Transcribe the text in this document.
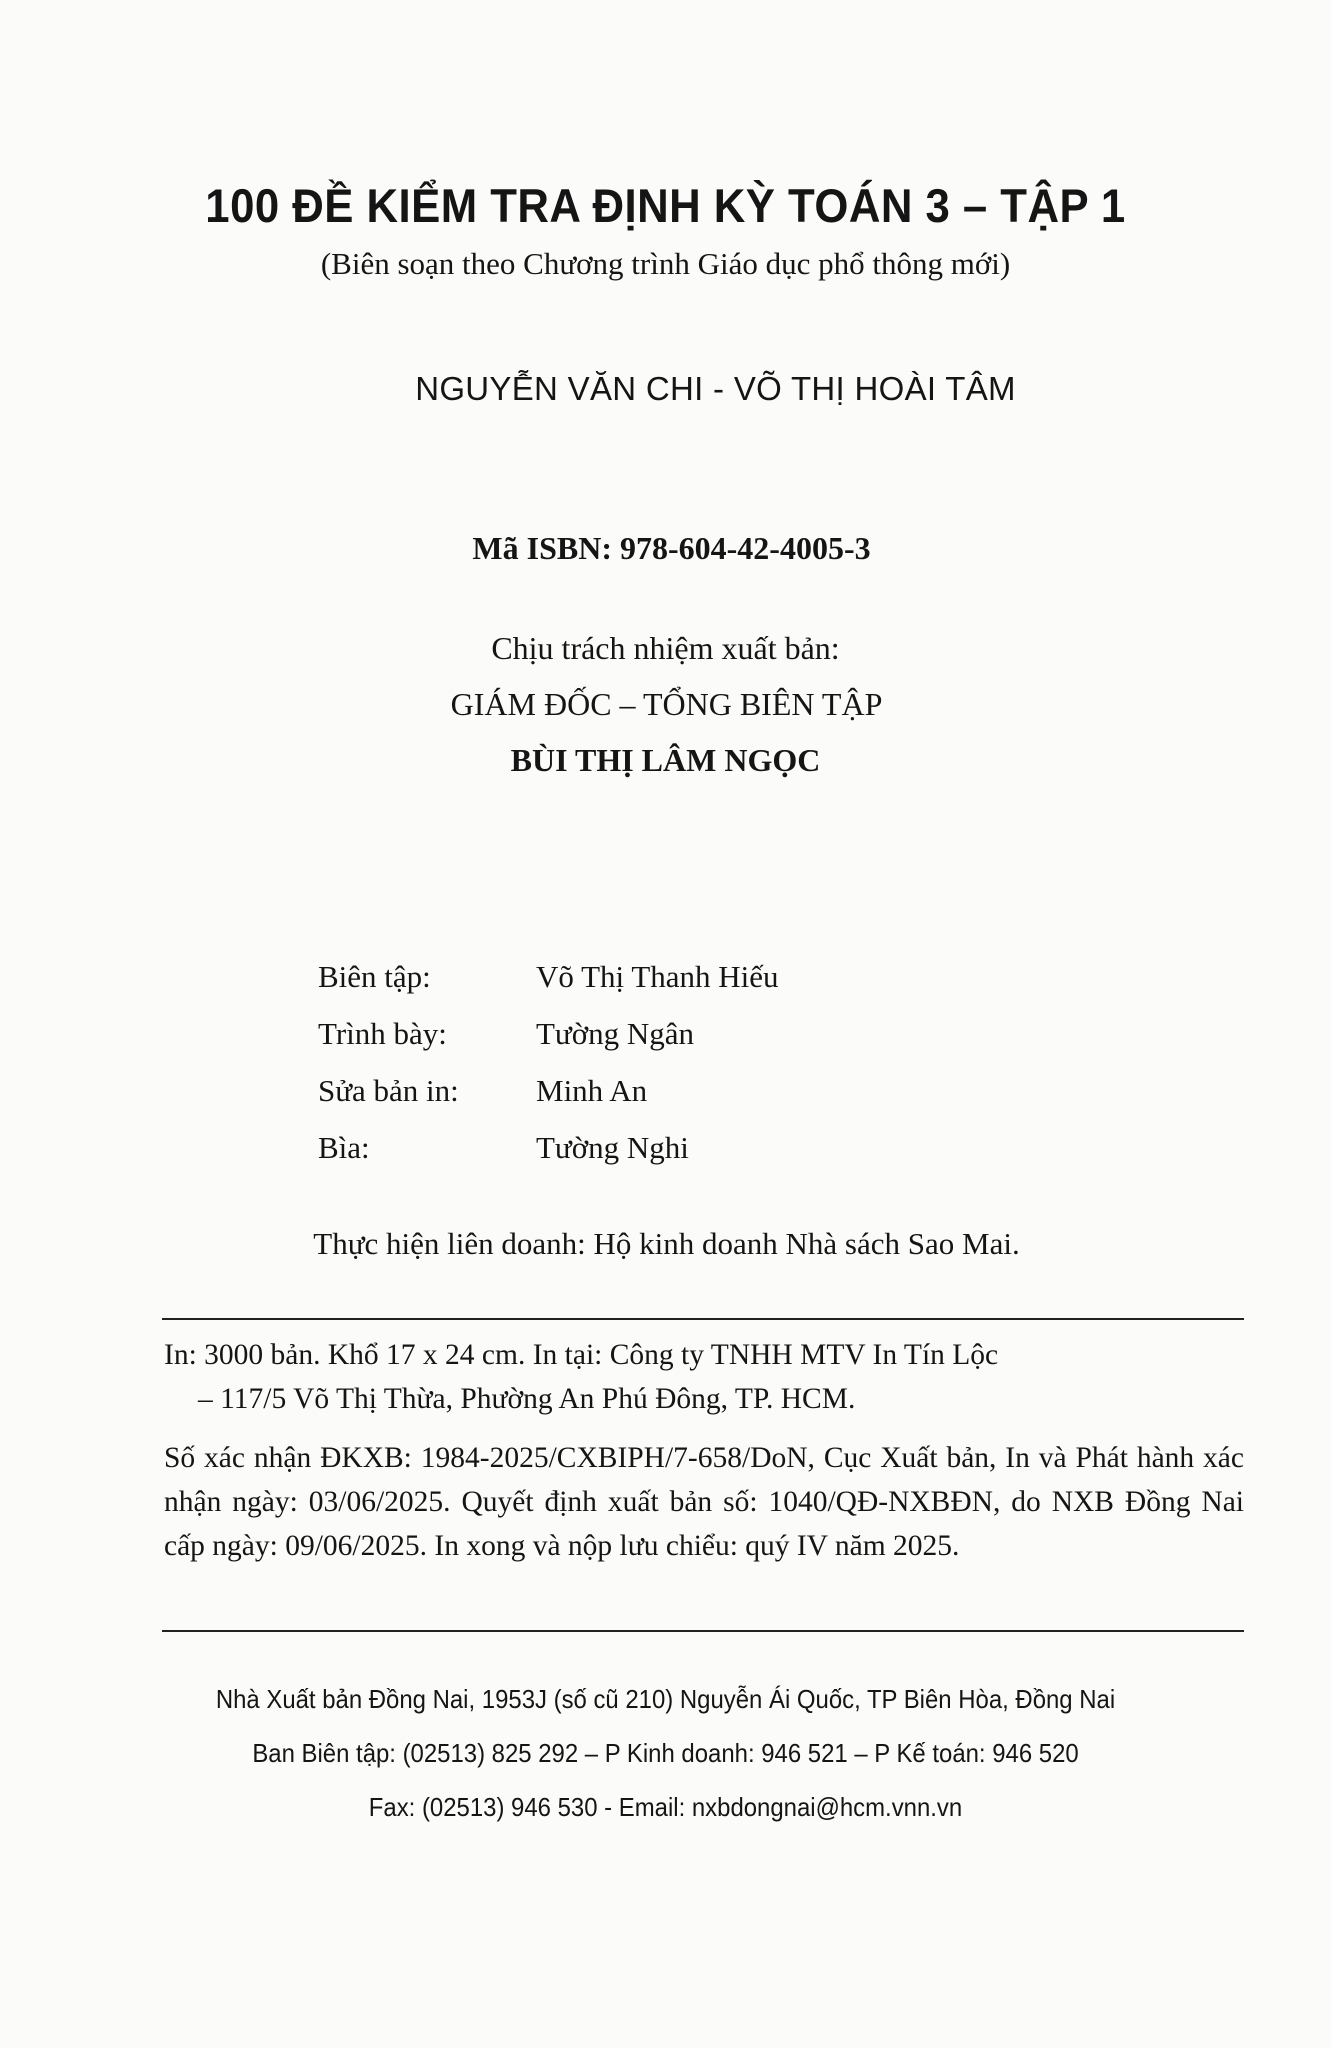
100 ĐỀ KIỂM TRA ĐỊNH KỲ TOÁN 3 – TẬP 1
(Biên soạn theo Chương trình Giáo dục phổ thông mới)
NGUYỄN VĂN CHI - VÕ THỊ HOÀI TÂM
Mã ISBN: 978-604-42-4005-3
Chịu trách nhiệm xuất bản:
GIÁM ĐỐC – TỔNG BIÊN TẬP
BÙI THỊ LÂM NGỌC
Biên tập:	Võ Thị Thanh Hiếu
Trình bày:	Tường Ngân
Sửa bản in:	Minh An
Bìa:	Tường Nghi
Thực hiện liên doanh: Hộ kinh doanh Nhà sách Sao Mai.

In: 3000 bản. Khổ 17 x 24 cm. In tại: Công ty TNHH MTV In Tín Lộc

– 117/5 Võ Thị Thừa, Phường An Phú Đông, TP. HCM.

Số xác nhận ĐKXB: 1984-2025/CXBIPH/7-658/DoN, Cục Xuất bản, In và Phát hành xác nhận ngày: 03/06/2025. Quyết định xuất bản số: 1040/QĐ-NXBĐN, do NXB Đồng Nai cấp ngày: 09/06/2025. In xong và nộp lưu chiểu: quý IV năm 2025.

Nhà Xuất bản Đồng Nai, 1953J (số cũ 210) Nguyễn Ái Quốc, TP Biên Hòa, Đồng Nai
Ban Biên tập: (02513) 825 292 – P Kinh doanh: 946 521 – P Kế toán: 946 520
Fax: (02513) 946 530 - Email: nxbdongnai@hcm.vnn.vn
